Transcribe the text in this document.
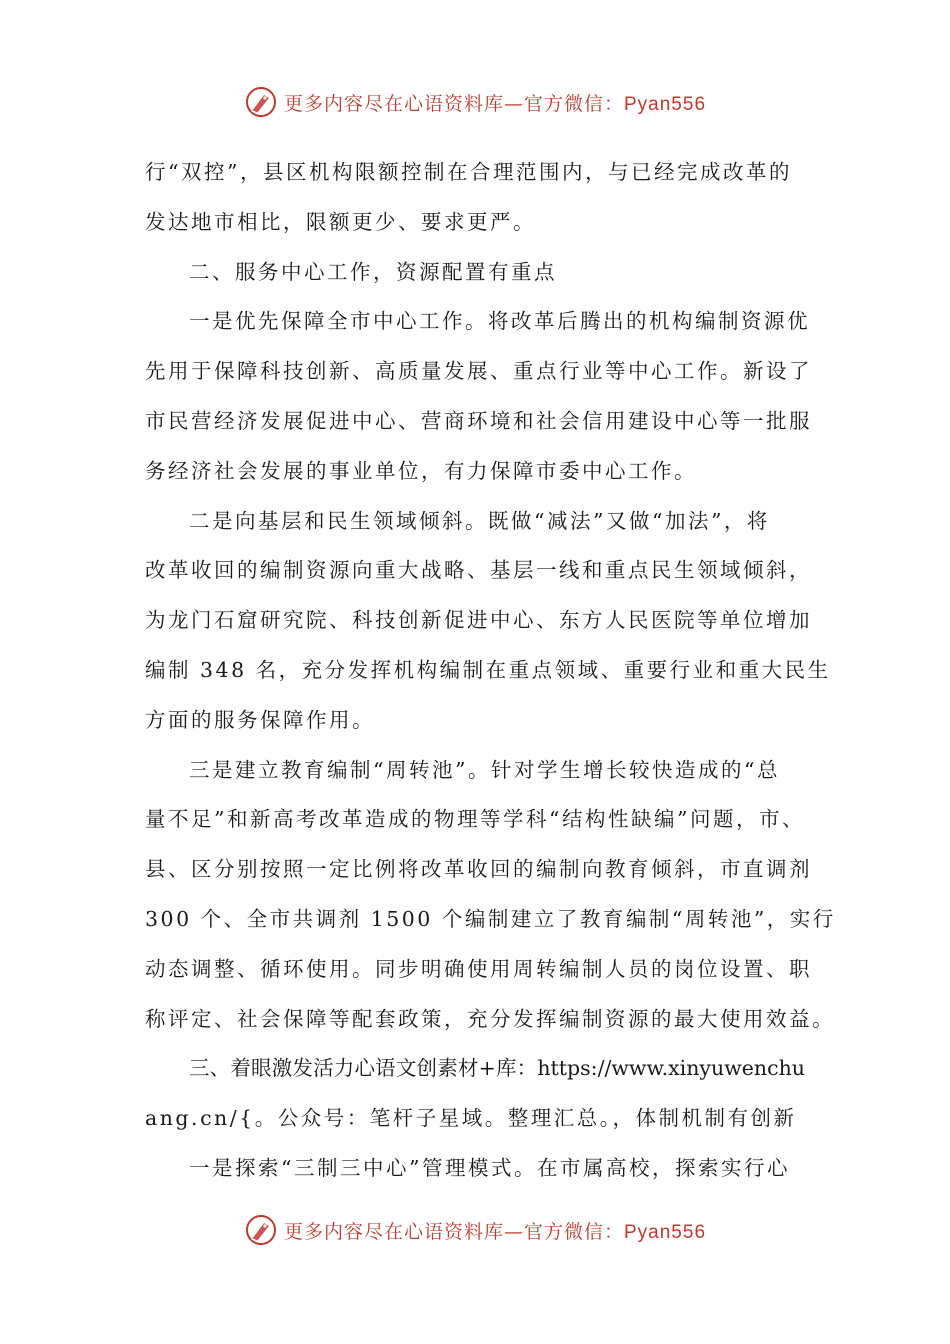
更多内容尽在心语资料库—官方微信：Pyan556
行“双控”，县区机构限额控制在合理范围内，与已经完成改革的
发达地市相比，限额更少、要求更严。
二、服务中心工作，资源配置有重点
一是优先保障全市中心工作。将改革后腾出的机构编制资源优
先用于保障科技创新、高质量发展、重点行业等中心工作。新设了
市民营经济发展促进中心、营商环境和社会信用建设中心等一批服
务经济社会发展的事业单位，有力保障市委中心工作。
二是向基层和民生领域倾斜。既做“减法”又做“加法”，将
改革收回的编制资源向重大战略、基层一线和重点民生领域倾斜，
为龙门石窟研究院、科技创新促进中心、东方人民医院等单位增加
编制 348 名，充分发挥机构编制在重点领域、重要行业和重大民生
方面的服务保障作用。
三是建立教育编制“周转池”。针对学生增长较快造成的“总
量不足”和新高考改革造成的物理等学科“结构性缺编”问题，市、
县、区分别按照一定比例将改革收回的编制向教育倾斜，市直调剂
300 个、全市共调剂 1500 个编制建立了教育编制“周转池”，实行
动态调整、循环使用。同步明确使用周转编制人员的岗位设置、职
称评定、社会保障等配套政策，充分发挥编制资源的最大使用效益。
三、着眼激发活力心语文创素材+库：https://www.xinyuwenchu
ang.cn/{。公众号：笔杆子星域。整理汇总。，体制机制有创新
一是探索“三制三中心”管理模式。在市属高校，探索实行心
更多内容尽在心语资料库—官方微信：Pyan556
